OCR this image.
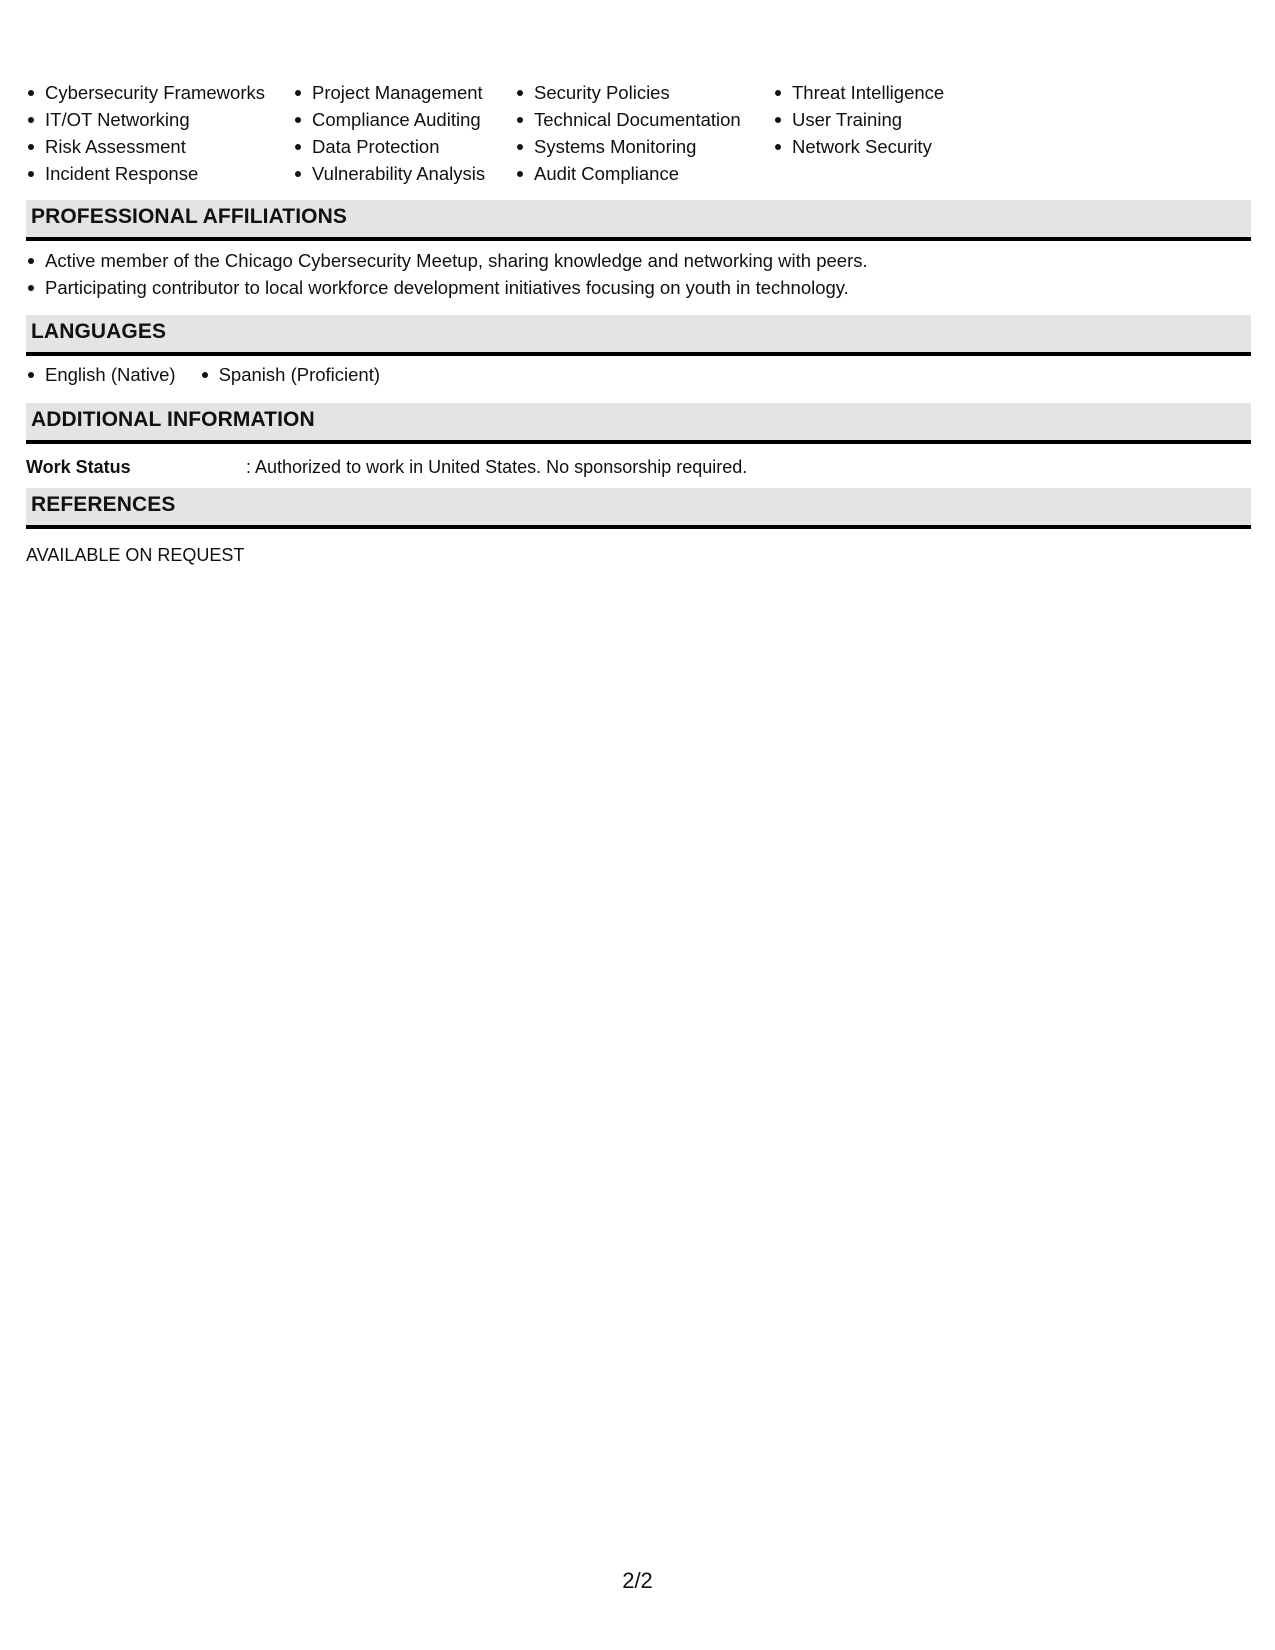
Cybersecurity Frameworks
IT/OT Networking
Risk Assessment
Incident Response
Project Management
Compliance Auditing
Data Protection
Vulnerability Analysis
Security Policies
Technical Documentation
Systems Monitoring
Audit Compliance
Threat Intelligence
User Training
Network Security
PROFESSIONAL AFFILIATIONS
Active member of the Chicago Cybersecurity Meetup, sharing knowledge and networking with peers.
Participating contributor to local workforce development initiatives focusing on youth in technology.
LANGUAGES
English (Native)	Spanish (Proficient)
ADDITIONAL INFORMATION
Work Status	: Authorized to work in United States. No sponsorship required.
REFERENCES
AVAILABLE ON REQUEST
2/2
